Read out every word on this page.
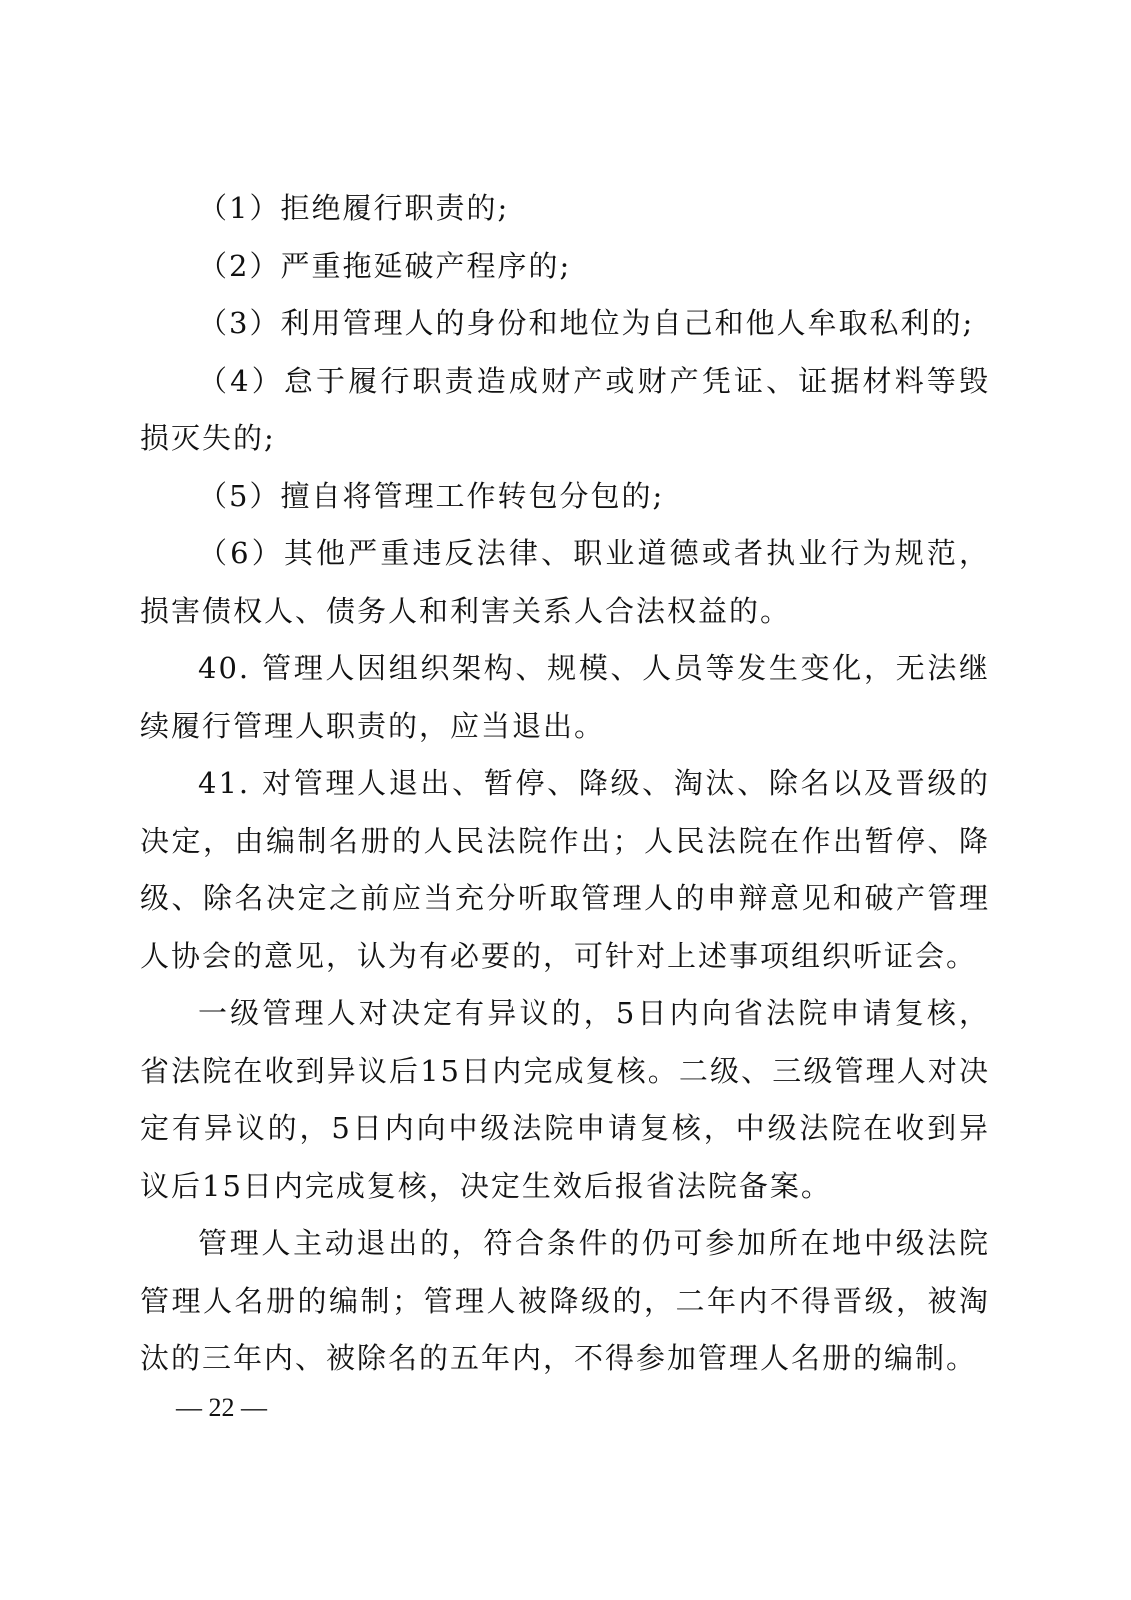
（1）拒绝履行职责的;

（2）严重拖延破产程序的;

（3）利用管理人的身份和地位为自己和他人牟取私利的;

（4）怠于履行职责造成财产或财产凭证、证据材料等毁损灭失的;

（5）擅自将管理工作转包分包的;

（6）其他严重违反法律、职业道德或者执业行为规范，损害债权人、债务人和利害关系人合法权益的。

40. 管理人因组织架构、规模、人员等发生变化，无法继续履行管理人职责的，应当退出。

41. 对管理人退出、暂停、降级、淘汰、除名以及晋级的决定，由编制名册的人民法院作出；人民法院在作出暂停、降级、除名决定之前应当充分听取管理人的申辩意见和破产管理人协会的意见，认为有必要的，可针对上述事项组织听证会。

一级管理人对决定有异议的，5日内向省法院申请复核，省法院在收到异议后15日内完成复核。二级、三级管理人对决定有异议的，5日内向中级法院申请复核，中级法院在收到异议后15日内完成复核，决定生效后报省法院备案。

管理人主动退出的，符合条件的仍可参加所在地中级法院管理人名册的编制；管理人被降级的，二年内不得晋级，被淘汰的三年内、被除名的五年内，不得参加管理人名册的编制。

— 22 —
